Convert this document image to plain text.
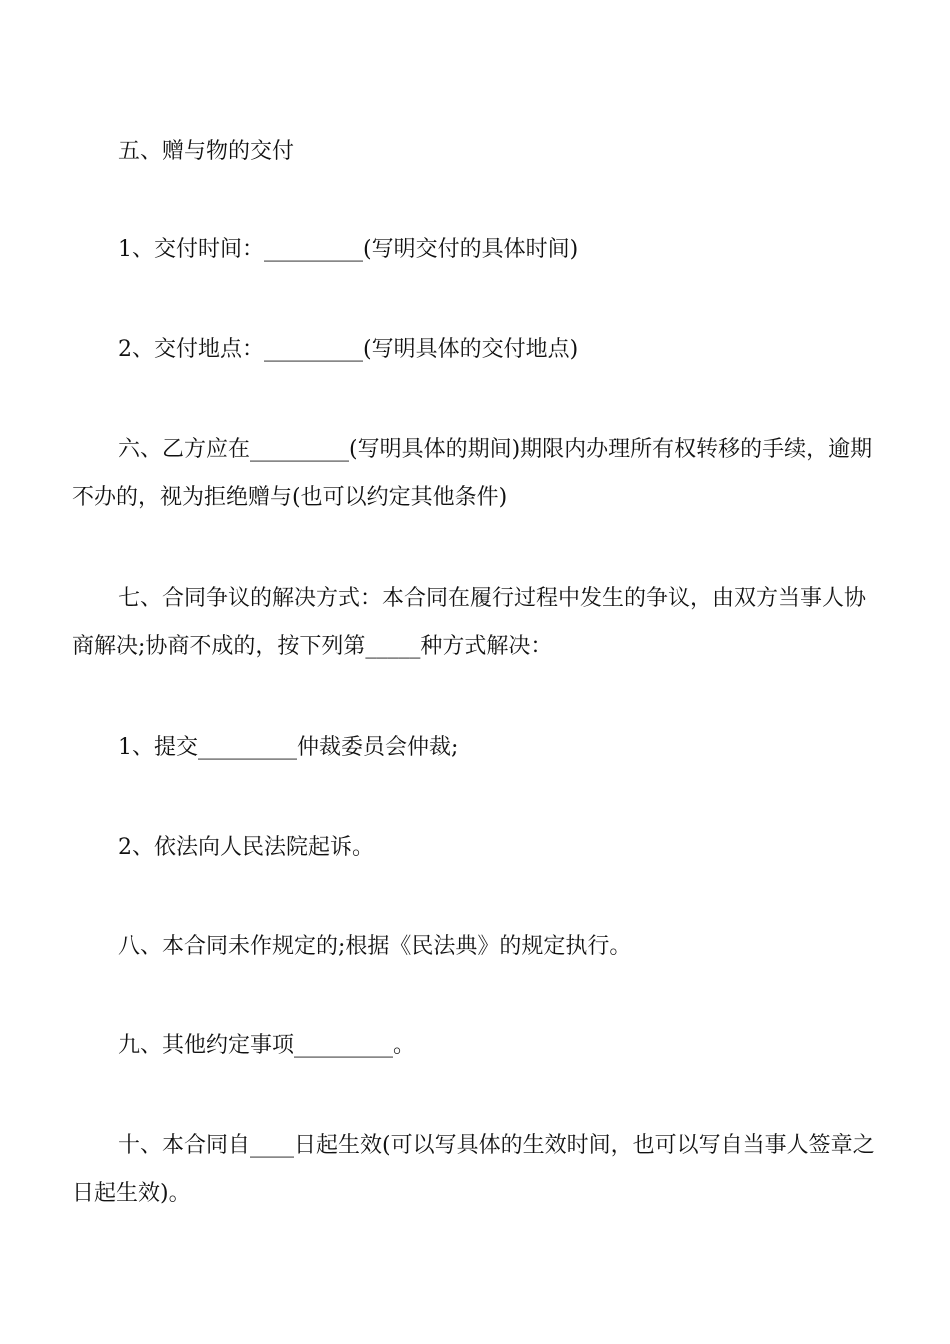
五、赠与物的交付

1、交付时间：_________(写明交付的具体时间)

2、交付地点：_________(写明具体的交付地点)

六、乙方应在_________(写明具体的期间)期限内办理所有权转移的手续，逾期不办的，视为拒绝赠与(也可以约定其他条件)

七、合同争议的解决方式：本合同在履行过程中发生的争议，由双方当事人协商解决;协商不成的，按下列第_____种方式解决：

1、提交_________仲裁委员会仲裁;

2、依法向人民法院起诉。

八、本合同未作规定的;根据《民法典》的规定执行。

九、其他约定事项_________。

十、本合同自____日起生效(可以写具体的生效时间，也可以写自当事人签章之日起生效)。
